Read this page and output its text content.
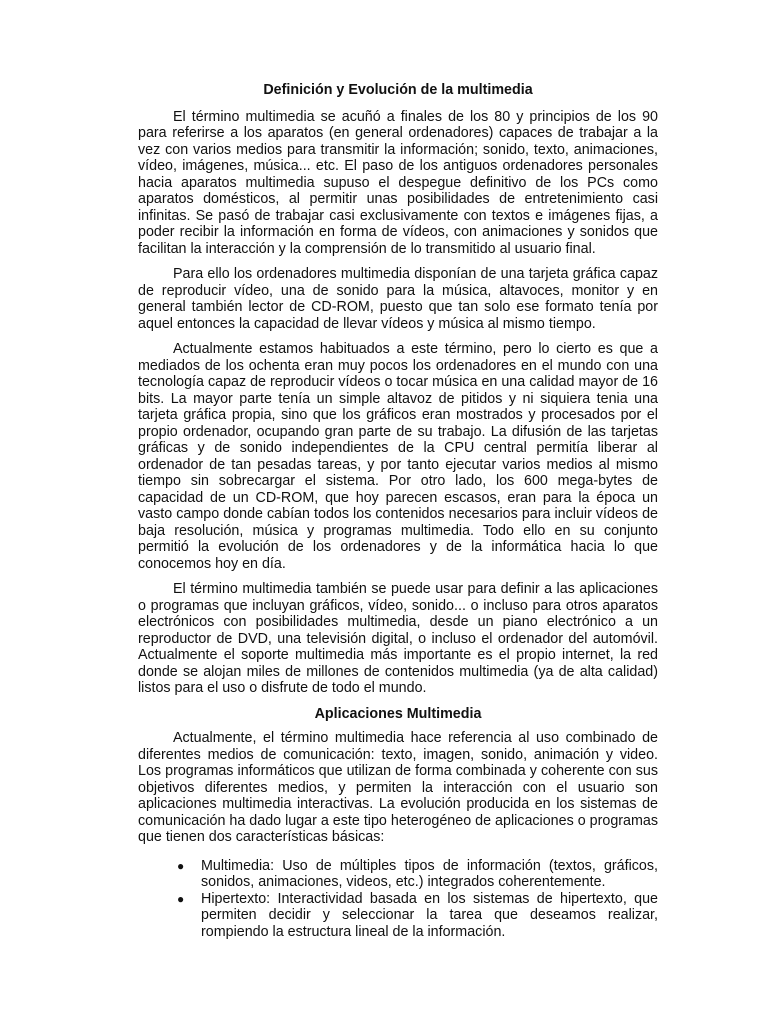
Definición y Evolución de la multimedia

El término multimedia se acuñó a finales de los 80 y principios de los 90 para referirse a los aparatos (en general ordenadores) capaces de trabajar a la vez con varios medios para transmitir la información; sonido, texto, animaciones, vídeo, imágenes, música... etc. El paso de los antiguos ordenadores personales hacia aparatos multimedia supuso el despegue definitivo de los PCs como aparatos domésticos, al permitir unas posibilidades de entretenimiento casi infinitas. Se pasó de trabajar casi exclusivamente con textos e imágenes fijas, a poder recibir la información en forma de vídeos, con animaciones y sonidos que facilitan la interacción y la comprensión de lo transmitido al usuario final.

Para ello los ordenadores multimedia disponían de una tarjeta gráfica capaz de reproducir vídeo, una de sonido para la música, altavoces, monitor y en general también lector de CD-ROM, puesto que tan solo ese formato tenía por aquel entonces la capacidad de llevar vídeos y música al mismo tiempo.

Actualmente estamos habituados a este término, pero lo cierto es que a mediados de los ochenta eran muy pocos los ordenadores en el mundo con una tecnología capaz de reproducir vídeos o tocar música en una calidad mayor de 16 bits. La mayor parte tenía un simple altavoz de pitidos y ni siquiera tenia una tarjeta gráfica propia, sino que los gráficos eran mostrados y procesados por el propio ordenador, ocupando gran parte de su trabajo. La difusión de las tarjetas gráficas y de sonido independientes de la CPU central permitía liberar al ordenador de tan pesadas tareas, y por tanto ejecutar varios medios al mismo tiempo sin sobrecargar el sistema. Por otro lado, los 600 mega-bytes de capacidad de un CD-ROM, que hoy parecen escasos, eran para la época un vasto campo donde cabían todos los contenidos necesarios para incluir vídeos de baja resolución, música y programas multimedia. Todo ello en su conjunto permitió la evolución de los ordenadores y de la informática hacia lo que conocemos hoy en día.

El término multimedia también se puede usar para definir a las aplicaciones o programas que incluyan gráficos, vídeo, sonido... o incluso para otros aparatos electrónicos con posibilidades multimedia, desde un piano electrónico a un reproductor de DVD, una televisión digital, o incluso el ordenador del automóvil. Actualmente el soporte multimedia más importante es el propio internet, la red donde se alojan miles de millones de contenidos multimedia (ya de alta calidad) listos para el uso o disfrute de todo el mundo.

Aplicaciones Multimedia

Actualmente, el término multimedia hace referencia al uso combinado de diferentes medios de comunicación: texto, imagen, sonido, animación y video. Los programas informáticos que utilizan de forma combinada y coherente con sus objetivos diferentes medios, y permiten la interacción con el usuario son aplicaciones multimedia interactivas. La evolución producida en los sistemas de comunicación ha dado lugar a este tipo heterogéneo de aplicaciones o programas que tienen dos características básicas:

● Multimedia: Uso de múltiples tipos de información (textos, gráficos, sonidos, animaciones, videos, etc.) integrados coherentemente.
● Hipertexto: Interactividad basada en los sistemas de hipertexto, que permiten decidir y seleccionar la tarea que deseamos realizar, rompiendo la estructura lineal de la información.
